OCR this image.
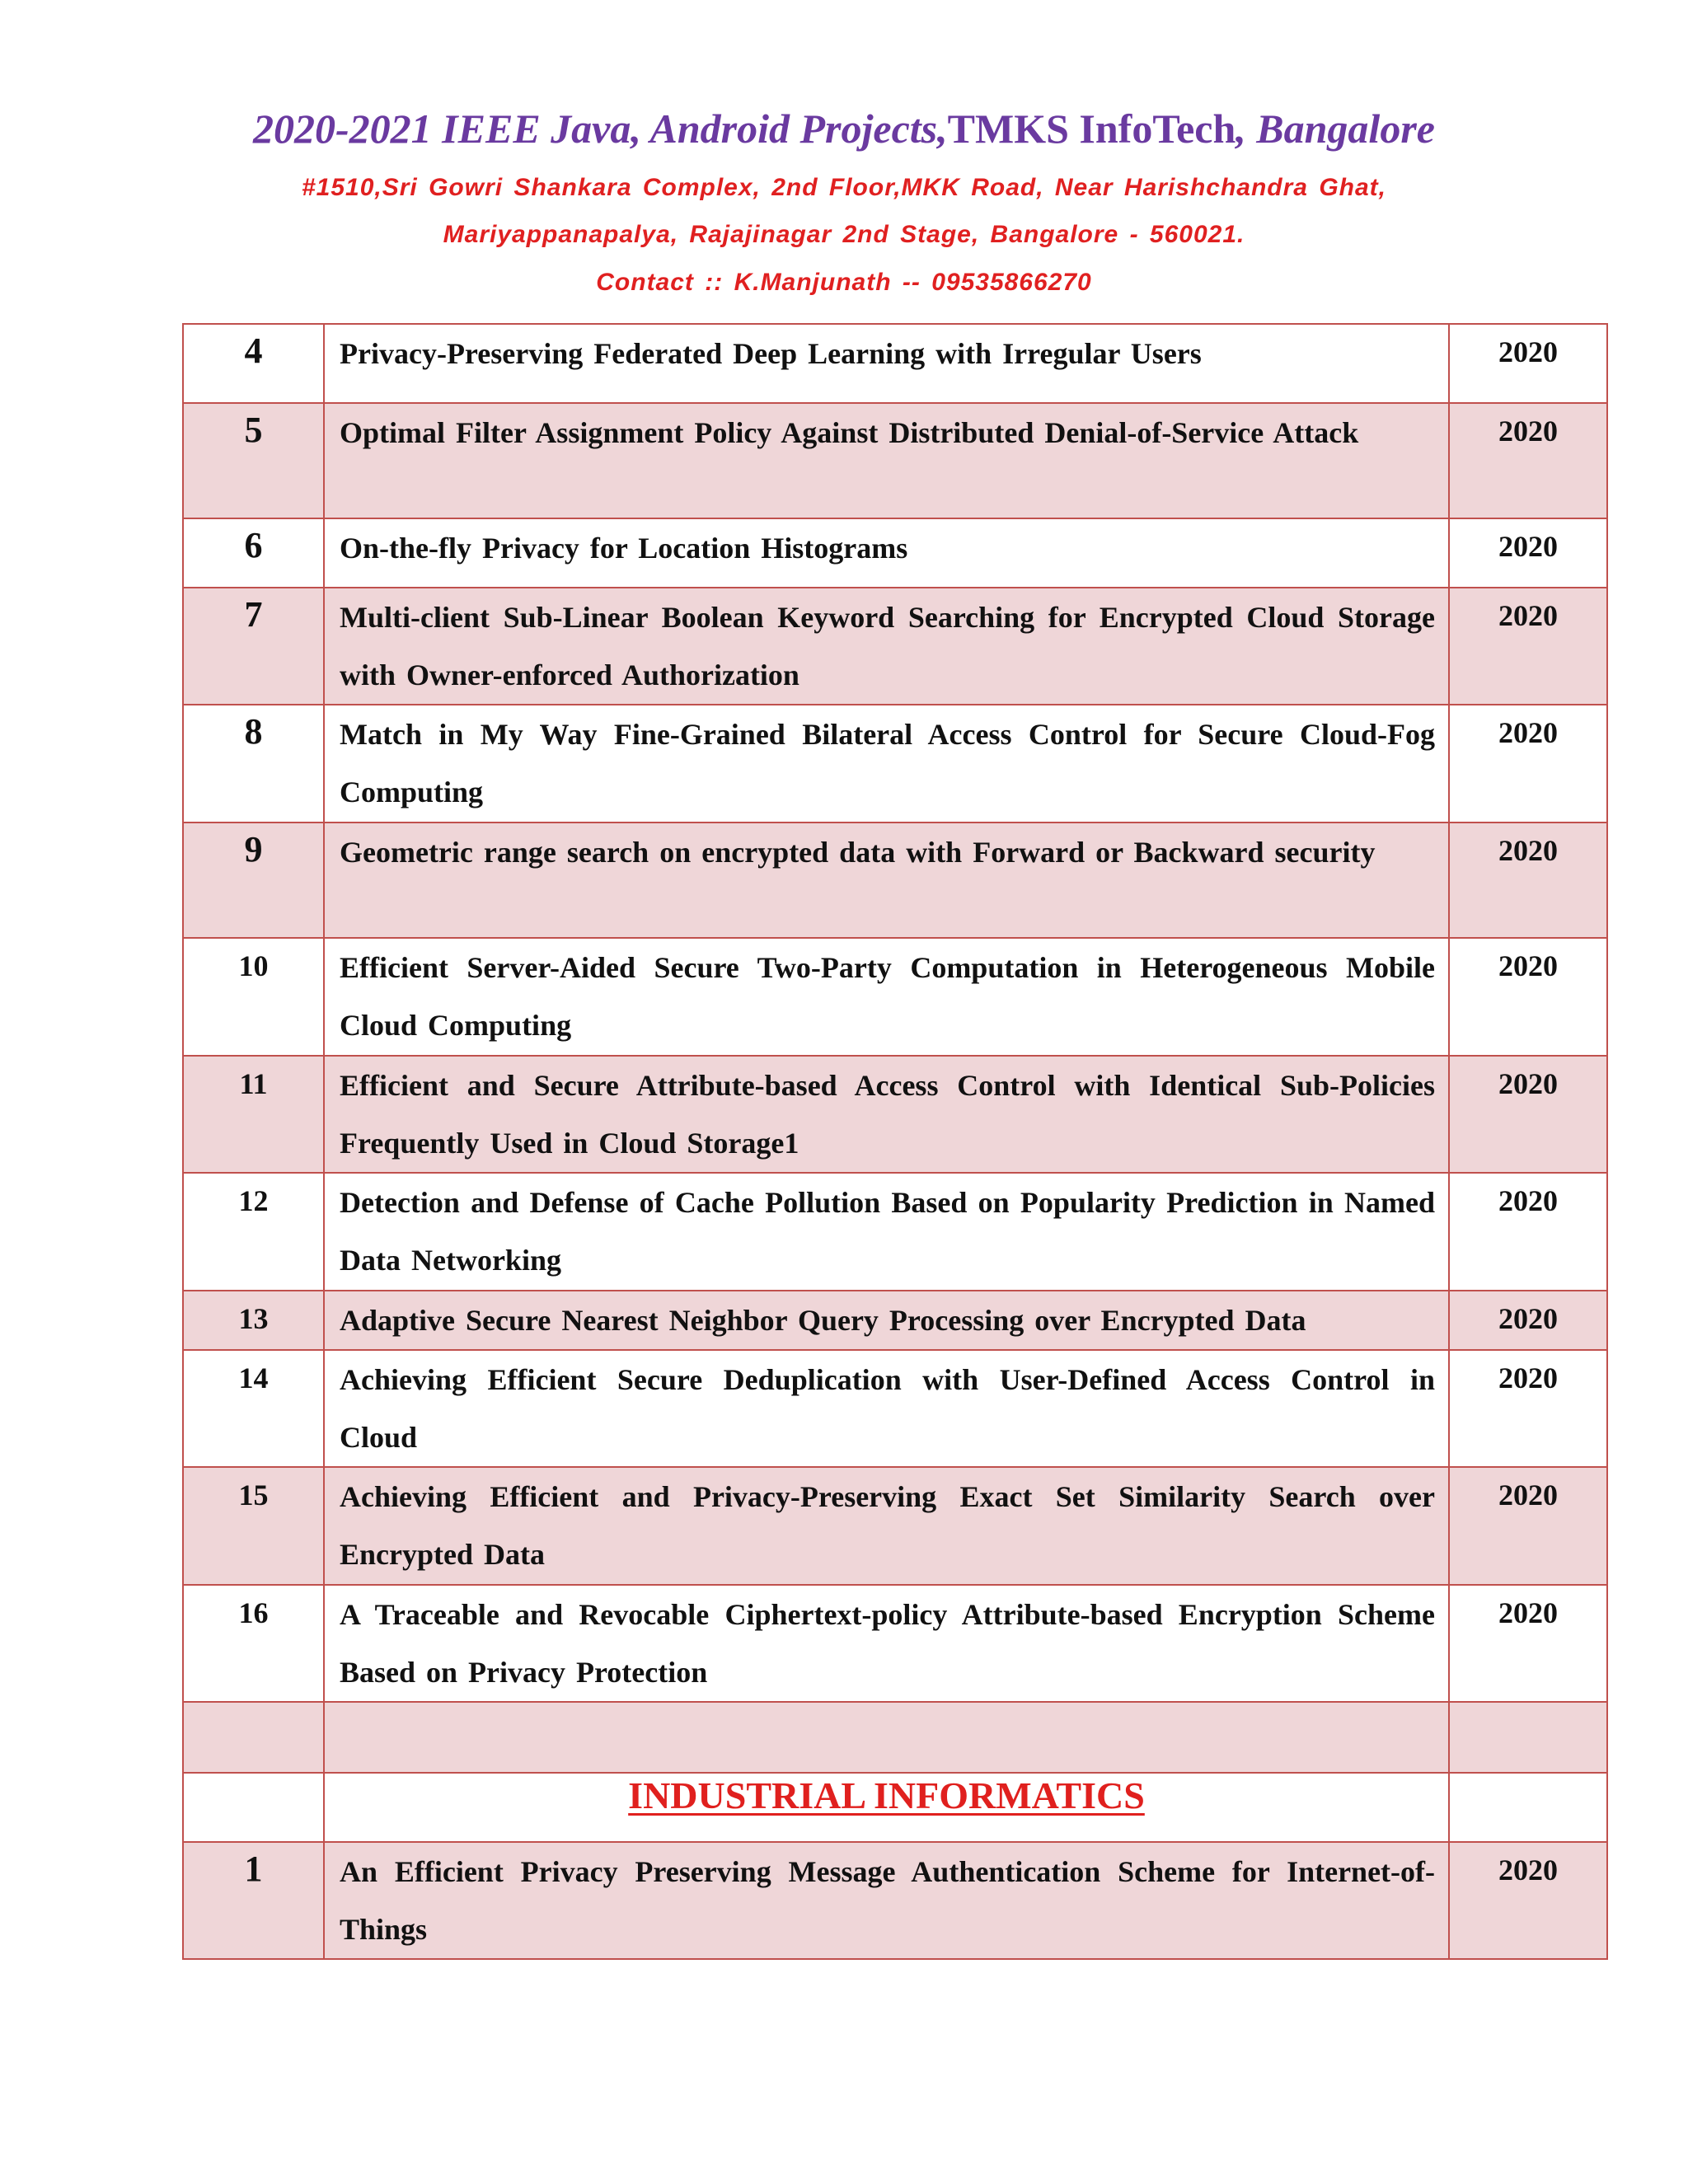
2020-2021 IEEE Java, Android Projects,TMKS InfoTech, Bangalore
#1510,Sri Gowri Shankara Complex, 2nd Floor,MKK Road, Near Harishchandra Ghat,
Mariyappanapalya, Rajajinagar 2nd Stage, Bangalore - 560021.
Contact :: K.Manjunath -- 09535866270
4	Privacy-Preserving Federated Deep Learning with Irregular Users	2020
5	Optimal Filter Assignment Policy Against Distributed Denial-of-Service Attack	2020
6	On-the-fly Privacy for Location Histograms	2020
7	Multi-client Sub-Linear Boolean Keyword Searching for Encrypted Cloud Storage with Owner-enforced Authorization	2020
8	Match in My Way Fine-Grained Bilateral Access Control for Secure Cloud-Fog Computing	2020
9	Geometric range search on encrypted data with Forward or Backward security	2020
10	Efficient Server-Aided Secure Two-Party Computation in Heterogeneous Mobile Cloud Computing	2020
11	Efficient and Secure Attribute-based Access Control with Identical Sub-Policies Frequently Used in Cloud Storage1	2020
12	Detection and Defense of Cache Pollution Based on Popularity Prediction in Named Data Networking	2020
13	Adaptive Secure Nearest Neighbor Query Processing over Encrypted Data	2020
14	Achieving Efficient Secure Deduplication with User-Defined Access Control in Cloud	2020
15	Achieving Efficient and Privacy-Preserving Exact Set Similarity Search over Encrypted Data	2020
16	A Traceable and Revocable Ciphertext-policy Attribute-based Encryption Scheme Based on Privacy Protection	2020

	INDUSTRIAL INFORMATICS	
1	An Efficient Privacy Preserving Message Authentication Scheme for Internet-of-Things	2020
